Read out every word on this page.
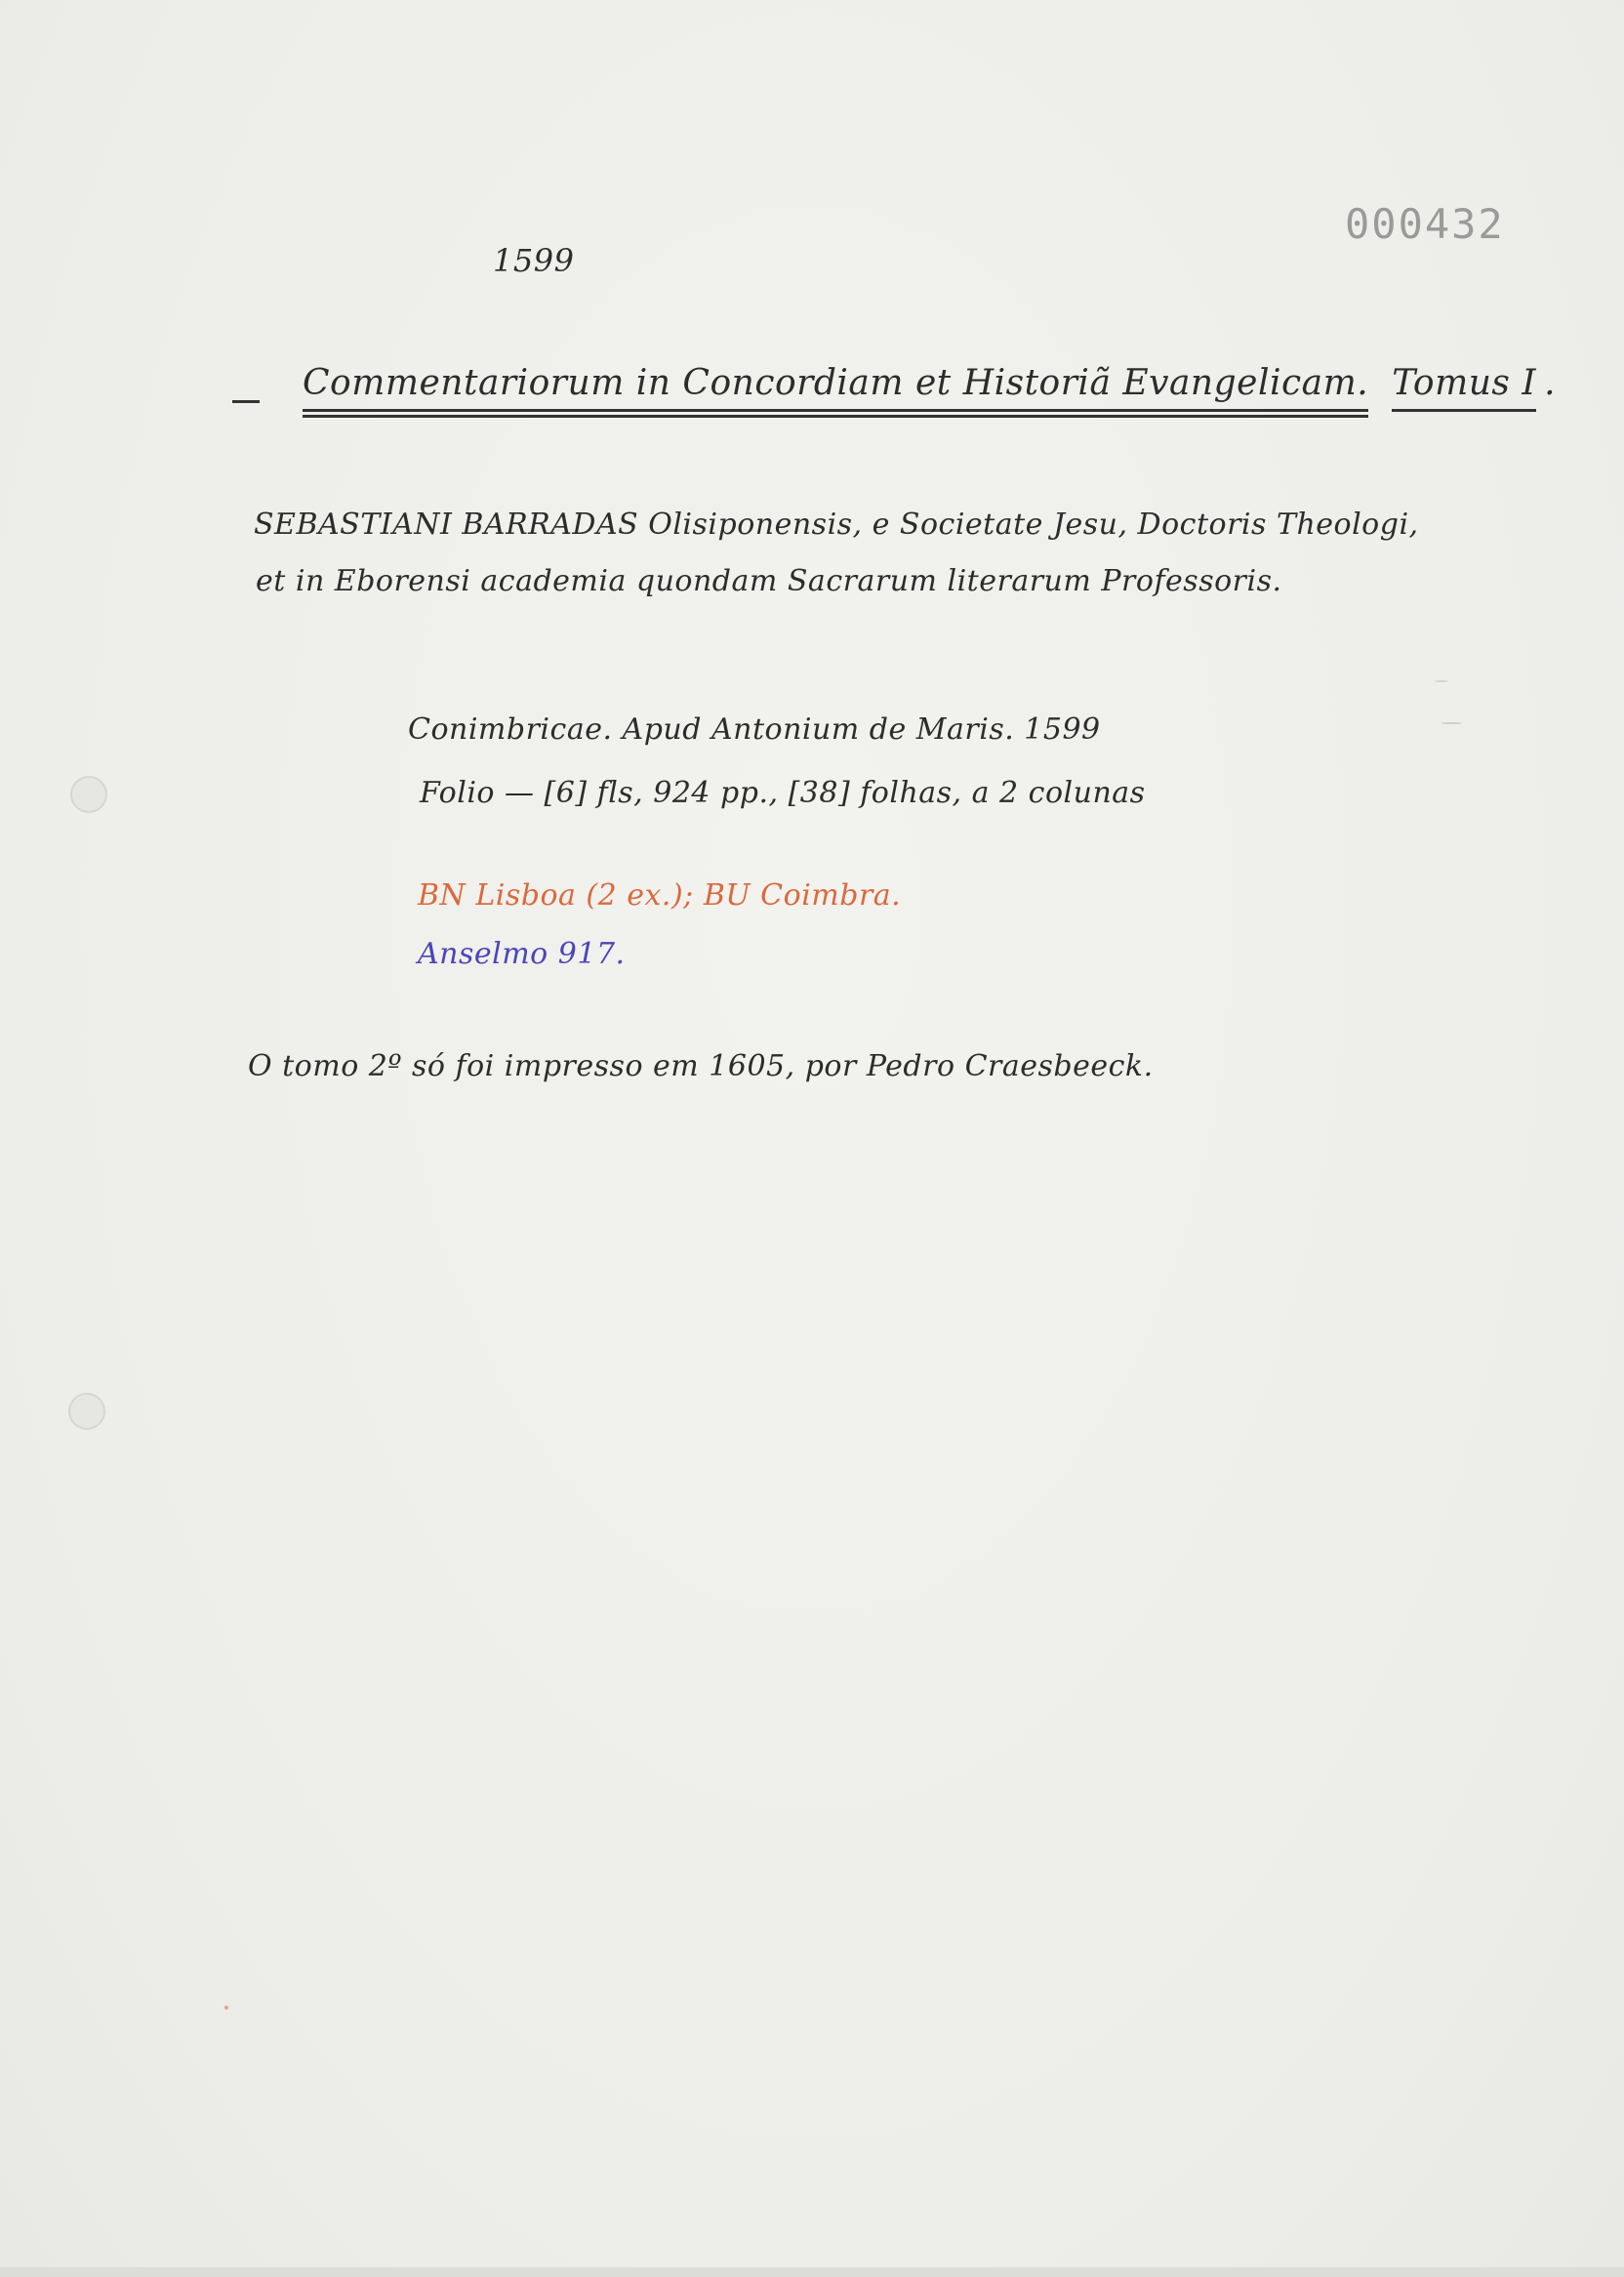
000432
1599
Commentariorum in Concordiam et Historiã Evangelicam. Tomus I .
SEBASTIANI BARRADAS Olisiponensis, e Societate Jesu, Doctoris Theologi,
et in Eborensi academia quondam Sacrarum literarum Professoris.
Conimbricae. Apud Antonium de Maris. 1599
Folio — [6] fls, 924 pp., [38] folhas, a 2 colunas
BN Lisboa (2 ex.); BU Coimbra.
Anselmo 917.
O tomo 2º só foi impresso em 1605, por Pedro Craesbeeck.
